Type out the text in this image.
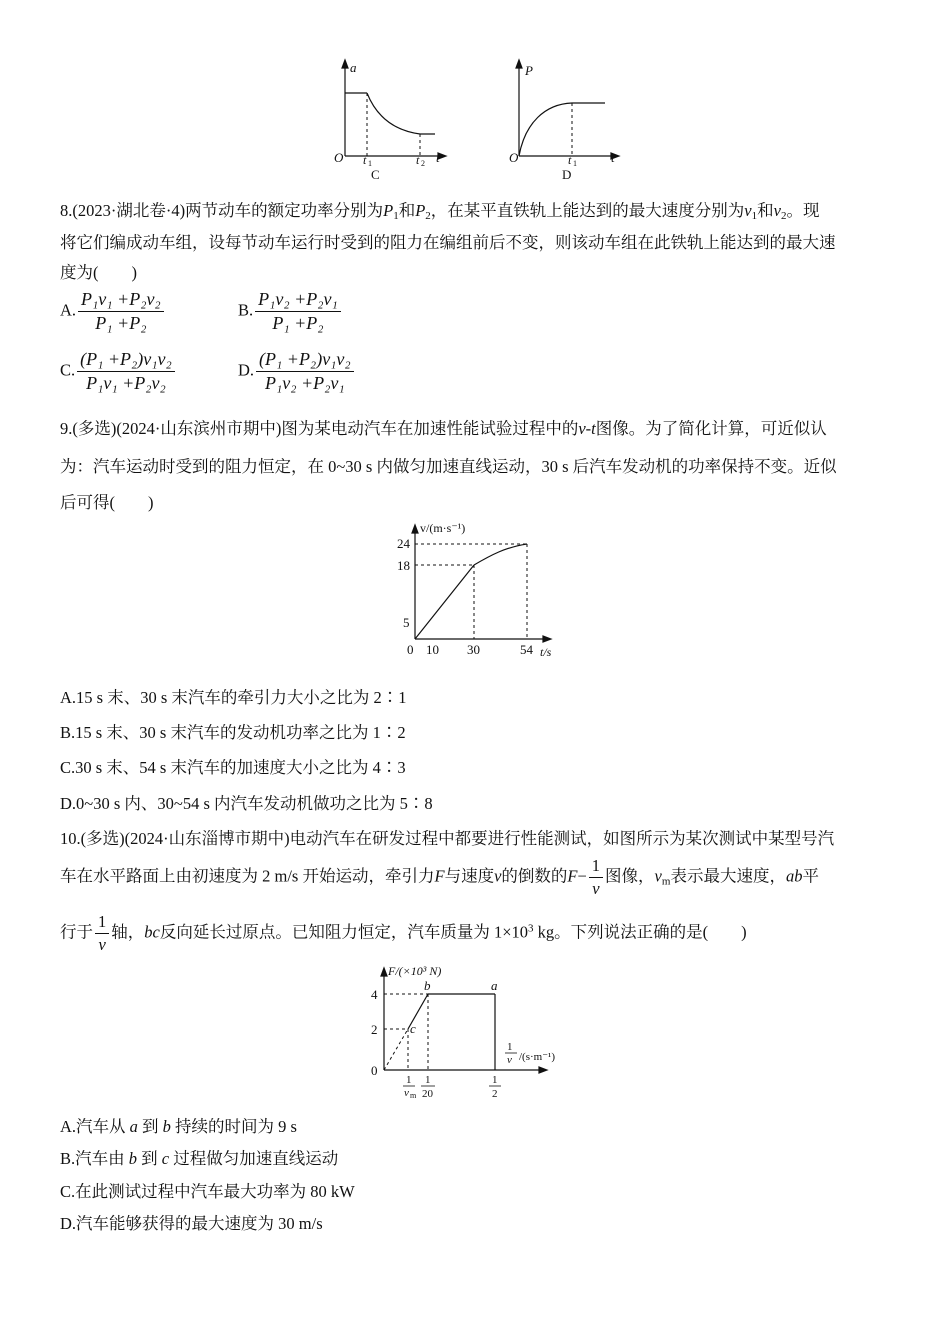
a
O	t
t 1	t 2
C
P
O	t
t 1
D
8.(2023·湖北卷·4)两节动车的额定功率分别为$P_1$和$P_2$，在某平直铁轨上能达到的最大速度分别为$v_1$和$v_2$。现
将它们编成动车组，设每节动车运行时受到的阻力在编组前后不变，则该动车组在此铁轨上能达到的最大速
度为(　　)
A. $\frac{\text{P₁v₁ +P₂v₂}}{\text{P₁ +P₂}}$	B. $\frac{\text{P₁v₂ +P₂v₁}}{\text{P₁ +P₂}}$
C. $\frac{\text{(P₁ +P₂)v₁v₂}}{\text{P₁v₁ +P₂v₂}}$	D. $\frac{\text{(P₁ +P₂)v₁v₂}}{\text{P₁v₂ +P₂v₁}}$
9.(多选)(2024·山东滨州市期中)图为某电动汽车在加速性能试验过程中的v-t图像。为了简化计算，可近似认
为：汽车运动时受到的阻力恒定，在 0~30 s 内做匀加速直线运动，30 s 后汽车发动机的功率保持不变。近似
后可得(　　)
v/(m·s⁻¹)
24
18
5
0 10 30	54 t/s
A.15 s 末、30 s 末汽车的牵引力大小之比为 2∶1
B.15 s 末、30 s 末汽车的发动机功率之比为 1∶2
C.30 s 末、54 s 末汽车的加速度大小之比为 4∶3
D.0~30 s 内、30~54 s 内汽车发动机做功之比为 5∶8
10.(多选)(2024·山东淄博市期中)电动汽车在研发过程中都要进行性能测试，如图所示为某次测试中某型号汽
车在水平路面上由初速度为 2 m/s 开始运动，牵引力F与速度v的倒数的$F- \frac{1}{v}$ 图像，$v_m$表示最大速度，ab平
行于 $\frac{1}{v}$ 轴，bc反向延长过原点。已知阻力恒定，汽车质量为 $1\times 10^3$ kg。下列说法正确的是(　　)
F/(×10³ N)
4
2
0
a
b
c
1
v /(s·m⁻¹)
1
v m
1
20
1
2
A.汽车从 a 到 b 持续的时间为 9 s
B.汽车由 b 到 c 过程做匀加速直线运动
C.在此测试过程中汽车最大功率为 80 kW
D.汽车能够获得的最大速度为 30 m/s
